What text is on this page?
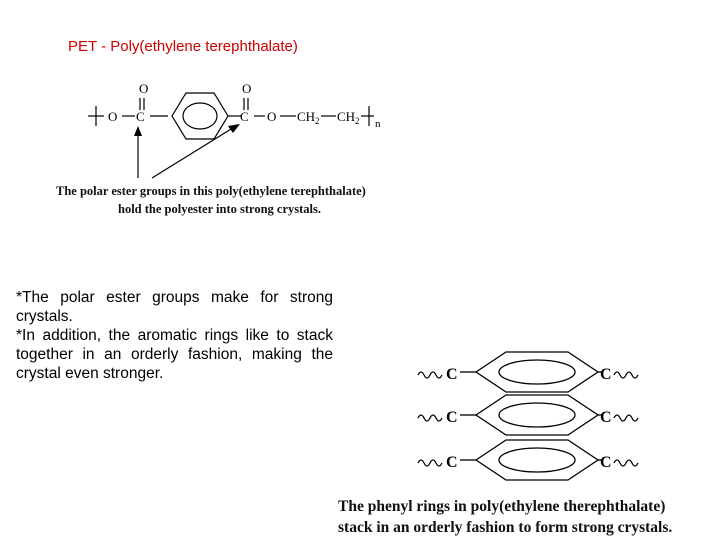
PET - Poly(ethylene terephthalate)
O	O
O C	C O CH 2 CH 2 n
The polar ester groups in this poly(ethylene terephthalate)
hold the polyester into strong crystals.

*The polar ester groups make for strong crystals.

*In addition, the aromatic rings like to stack together in an orderly fashion, making the crystal even stronger.	C	C
C	C
C	C
The phenyl rings in poly(ethylene therephthalate)
stack in an orderly fashion to form strong crystals.
